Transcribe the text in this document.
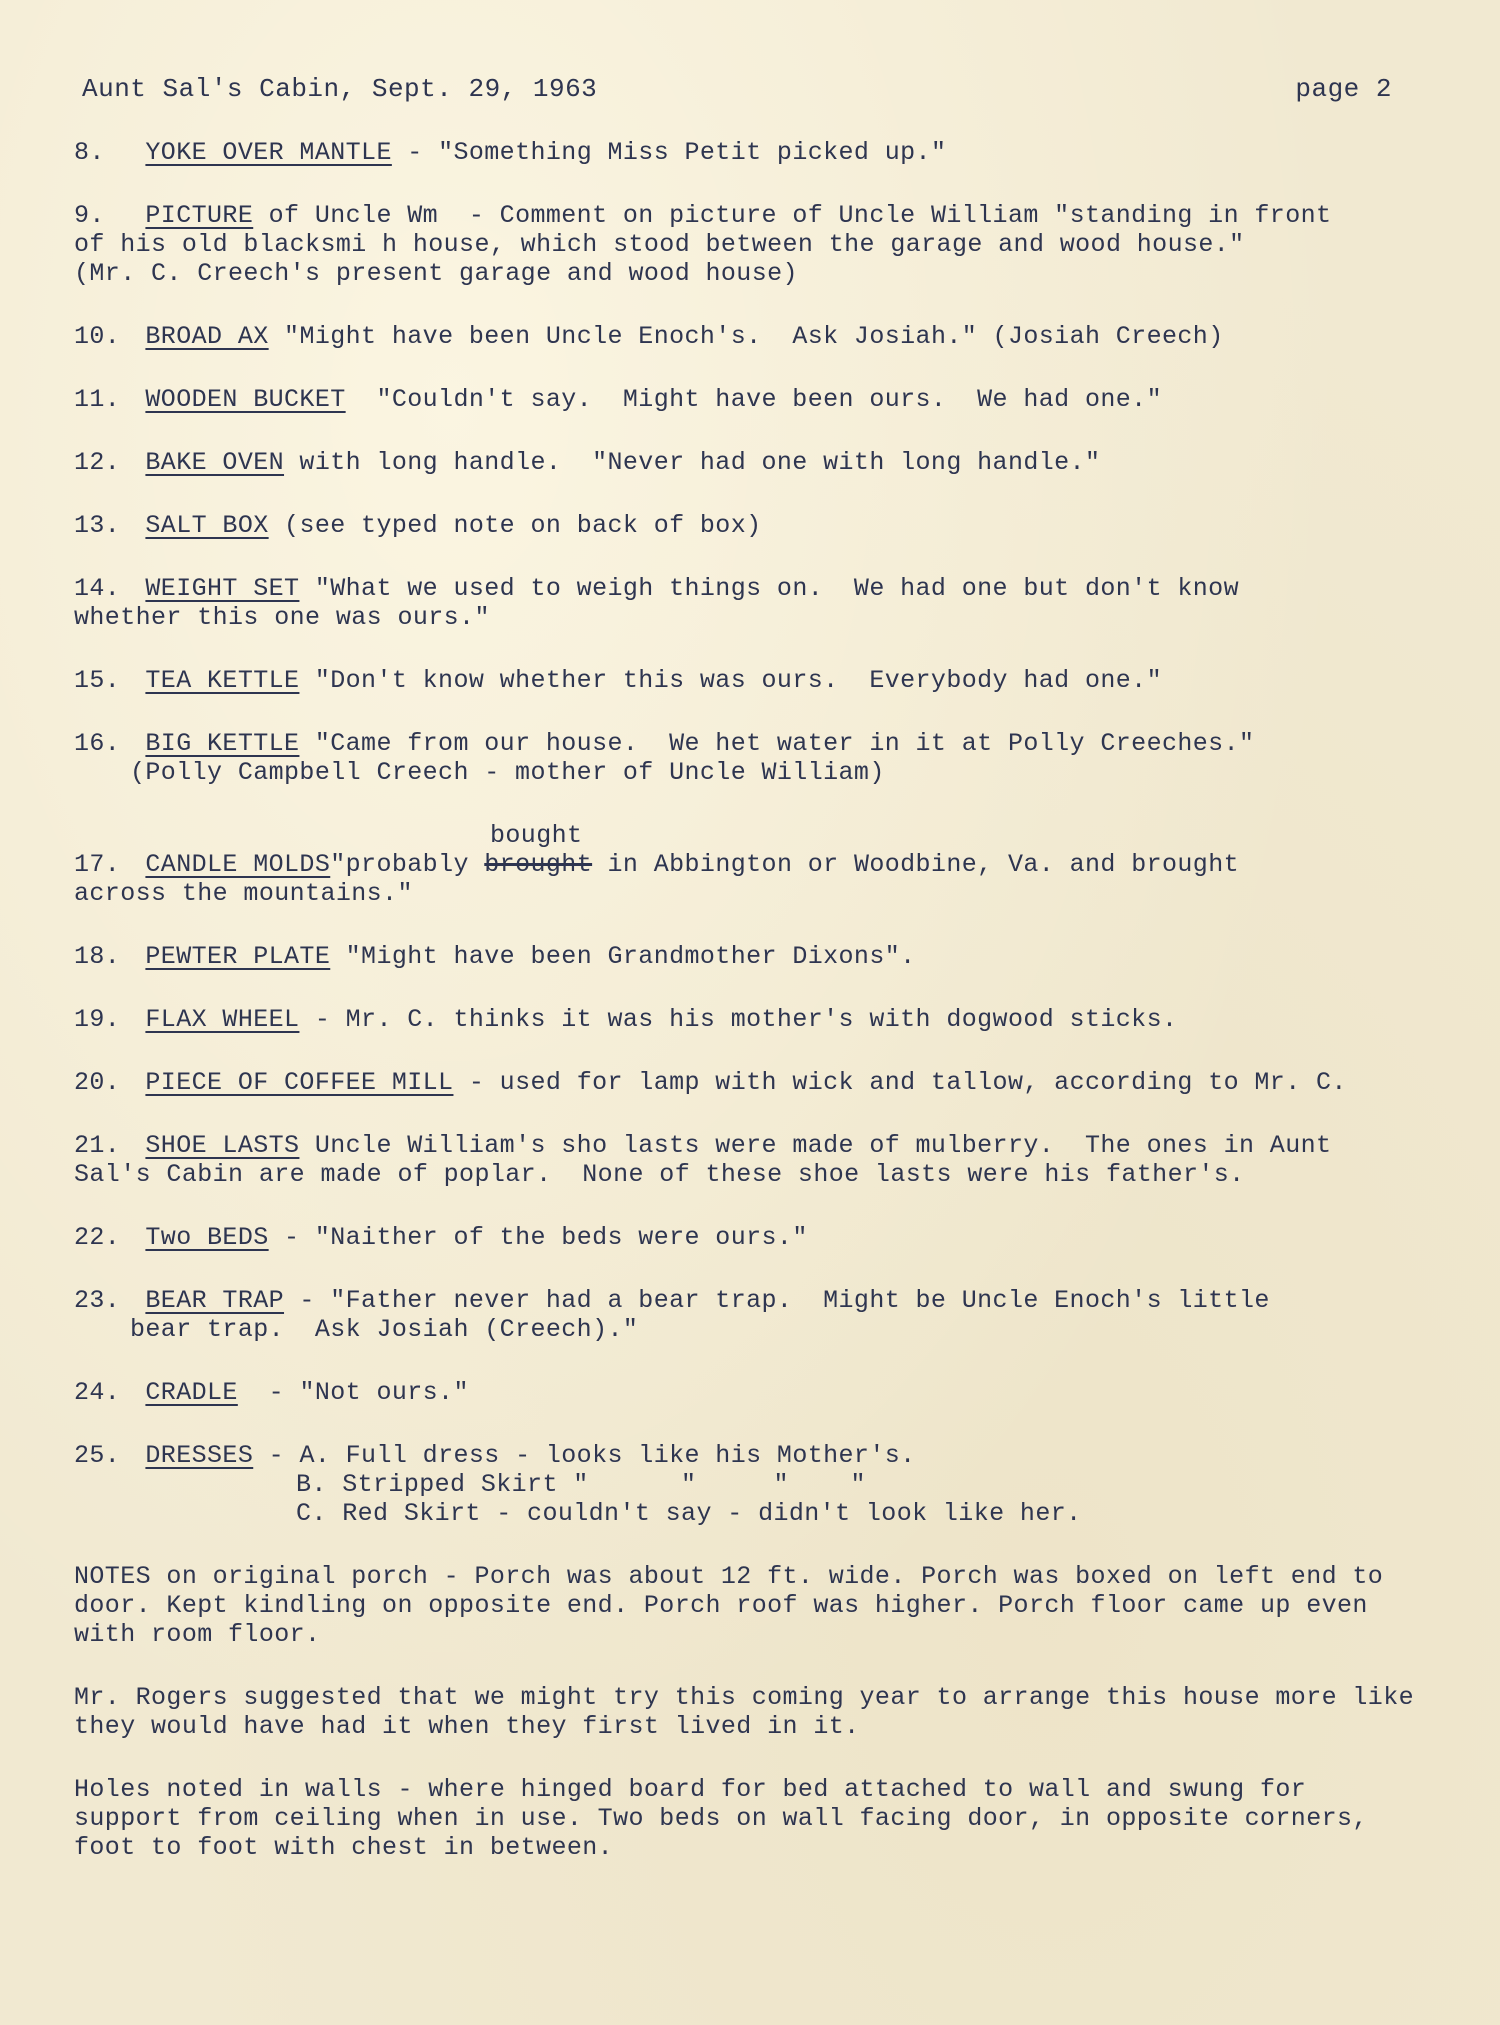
Aunt Sal's Cabin, Sept. 29, 1963	page 2
8. YOKE OVER MANTLE - "Something Miss Petit picked up."
9. PICTURE of Uncle Wm  - Comment on picture of Uncle William "standing in front
of his old blacksmi h house, which stood between the garage and wood house."
(Mr. C. Creech's present garage and wood house)
10. BROAD AX "Might have been Uncle Enoch's.  Ask Josiah." (Josiah Creech)
11. WOODEN BUCKET  "Couldn't say.  Might have been ours.  We had one."
12. BAKE OVEN with long handle.  "Never had one with long handle."
13. SALT BOX (see typed note on back of box)
14. WEIGHT SET "What we used to weigh things on.  We had one but don't know
whether this one was ours."
15. TEA KETTLE "Don't know whether this was ours.  Everybody had one."
16. BIG KETTLE "Came from our house.  We het water in it at Polly Creeches."
(Polly Campbell Creech - mother of Uncle William)
bought
17. CANDLE MOLDS"probably brought in Abbington or Woodbine, Va. and brought
across the mountains."
18. PEWTER PLATE "Might have been Grandmother Dixons".
19. FLAX WHEEL - Mr. C. thinks it was his mother's with dogwood sticks.
20. PIECE OF COFFEE MILL - used for lamp with wick and tallow, according to Mr. C.
21. SHOE LASTS Uncle William's sho lasts were made of mulberry.  The ones in Aunt
Sal's Cabin are made of poplar.  None of these shoe lasts were his father's.
22. Two BEDS - "Naither of the beds were ours."
23. BEAR TRAP - "Father never had a bear trap.  Might be Uncle Enoch's little
bear trap.  Ask Josiah (Creech)."
24. CRADLE  - "Not ours."
25. DRESSES - A. Full dress - looks like his Mother's.
B. Stripped Skirt "      "     "    "
C. Red Skirt - couldn't say - didn't look like her.
NOTES on original porch - Porch was about 12 ft. wide. Porch was boxed on left end to door. Kept kindling on opposite end. Porch roof was higher. Porch floor came up even with room floor.
Mr. Rogers suggested that we might try this coming year to arrange this house more like they would have had it when they first lived in it.
Holes noted in walls - where hinged board for bed attached to wall and swung for support from ceiling when in use. Two beds on wall facing door, in opposite corners, foot to foot with chest in between.
